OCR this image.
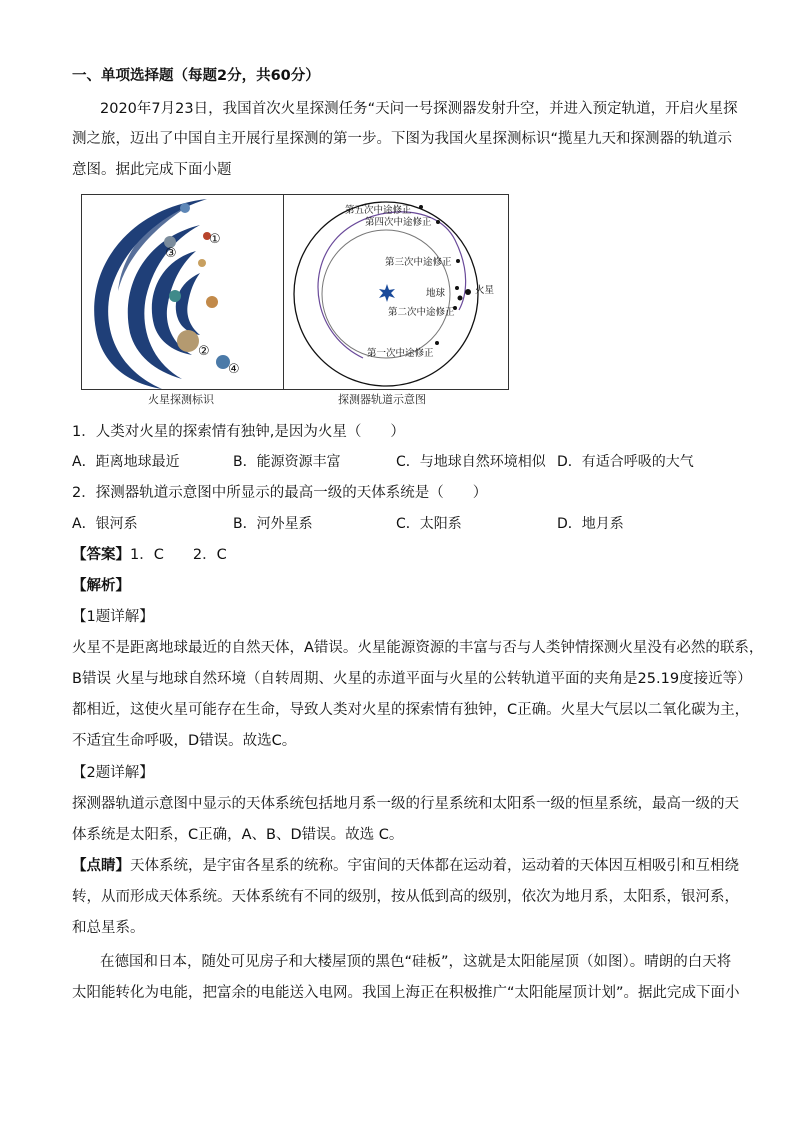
一、单项选择题（每题2分，共60分）
2020年7月23日，我国首次火星探测任务“天问一号探测器发射升空，并进入预定轨道，开启火星探
测之旅，迈出了中国自主开展行星探测的第一步。下图为我国火星探测标识“揽星九天和探测器的轨道示
意图。据此完成下面小题
①
②
③
④
第五次中途修正
第四次中途修正
第三次中途修正
地球	火星
第二次中途修正
第一次中途修正
火星探测标识	探测器轨道示意图
1．人类对火星的探索情有独钟,是因为火星（　　）
A．距离地球最近	B．能源资源丰富	C．与地球自然环境相似 D．有适合呼吸的大气
2．探测器轨道示意图中所显示的最高一级的天体系统是（　　）
A．银河系	B．河外星系	C．太阳系	D．地月系
【答案】1．C　　2．C
【解析】
【1题详解】
火星不是距离地球最近的自然天体，A错误。火星能源资源的丰富与否与人类钟情探测火星没有必然的联系，
B错误 火星与地球自然环境（自转周期、火星的赤道平面与火星的公转轨道平面的夹角是25.19度接近等）
都相近，这使火星可能存在生命，导致人类对火星的探索情有独钟，C正确。火星大气层以二氧化碳为主，
不适宜生命呼吸，D错误。故选C。
【2题详解】
探测器轨道示意图中显示的天体系统包括地月系一级的行星系统和太阳系一级的恒星系统，最高一级的天
体系统是太阳系，C正确，A、B、D错误。故选 C。
【点睛】天体系统，是宇宙各星系的统称。宇宙间的天体都在运动着，运动着的天体因互相吸引和互相绕
转，从而形成天体系统。天体系统有不同的级别，按从低到高的级别，依次为地月系，太阳系，银河系，
和总星系。
在德国和日本，随处可见房子和大楼屋顶的黑色“硅板”，这就是太阳能屋顶（如图）。晴朗的白天将
太阳能转化为电能，把富余的电能送入电网。我国上海正在积极推广“太阳能屋顶计划”。据此完成下面小
